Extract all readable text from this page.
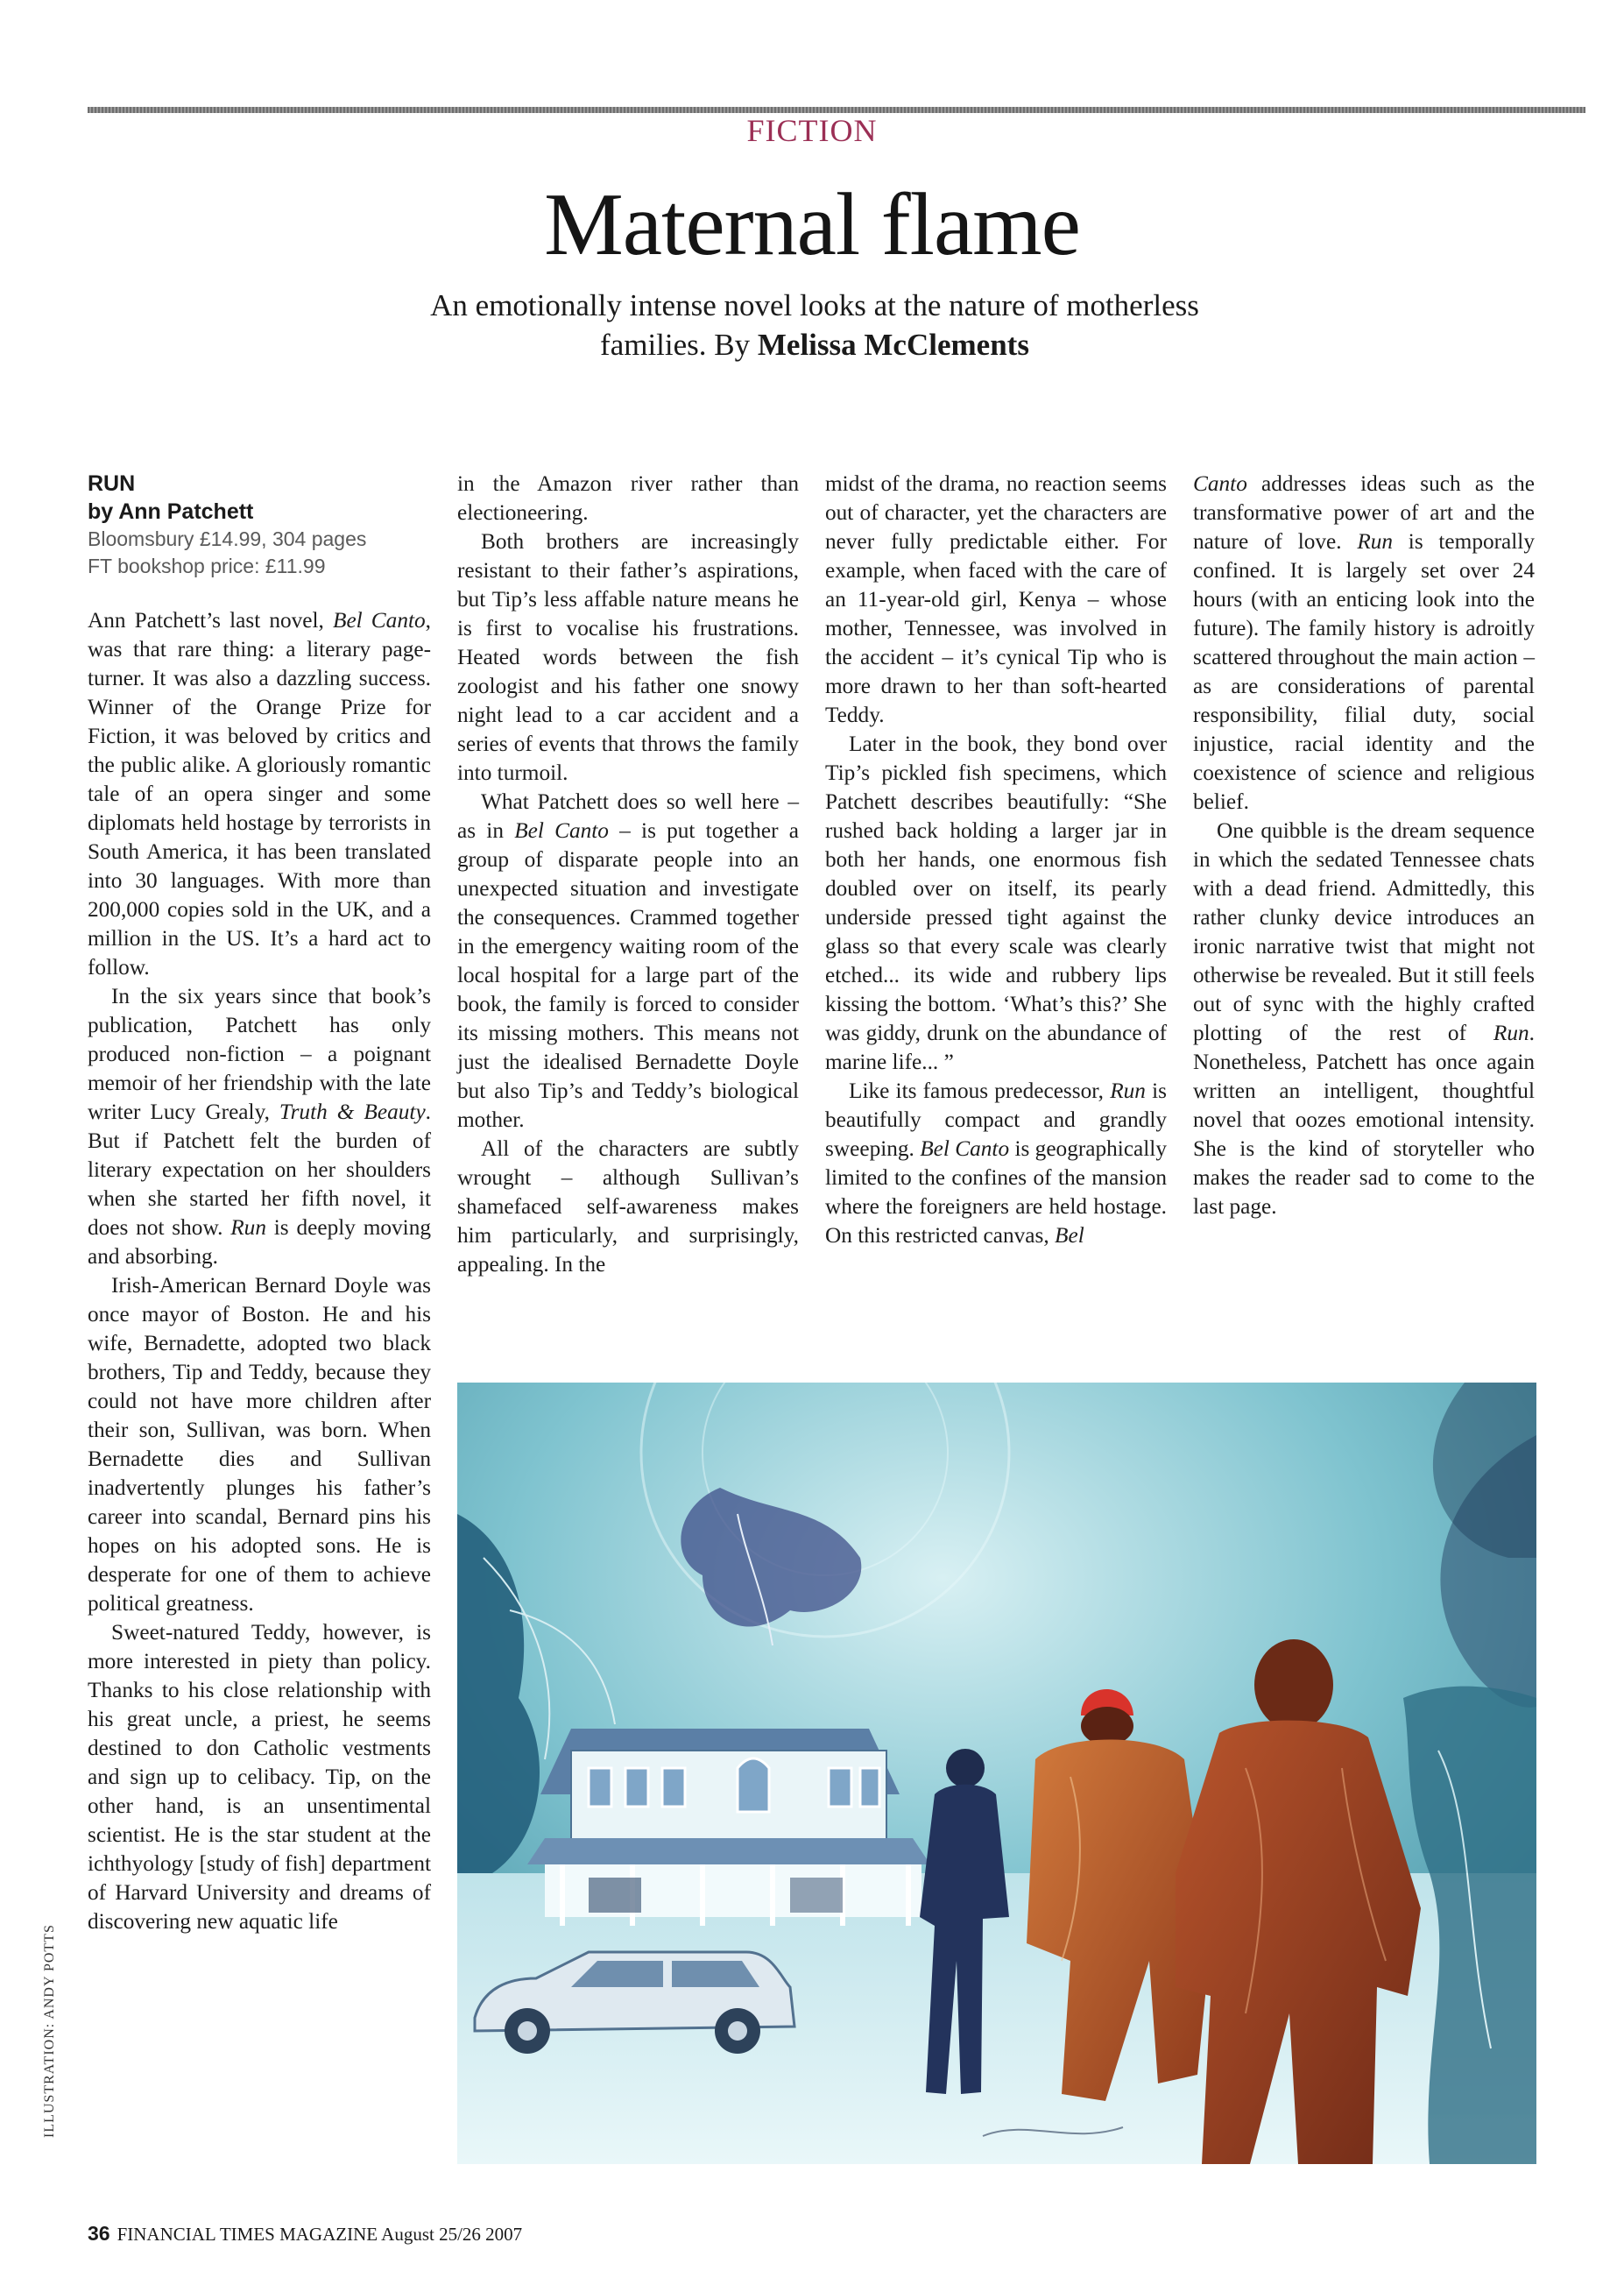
FICTION
Maternal flame
An emotionally intense novel looks at the nature of motherless families. By Melissa McClements
RUN
by Ann Patchett
Bloomsbury £14.99, 304 pages
FT bookshop price: £11.99

Ann Patchett’s last novel, Bel Canto, was that rare thing: a literary page-turner. It was also a dazzling success. Winner of the Orange Prize for Fiction, it was beloved by critics and the public alike. A gloriously romantic tale of an opera singer and some diplomats held hostage by terrorists in South America, it has been translated into 30 languages. With more than 200,000 copies sold in the UK, and a million in the US. It’s a hard act to follow.

In the six years since that book’s publication, Patchett has only produced non-fiction – a poignant memoir of her friendship with the late writer Lucy Grealy, Truth & Beauty. But if Patchett felt the burden of literary expectation on her shoulders when she started her fifth novel, it does not show. Run is deeply moving and absorbing.

Irish-American Bernard Doyle was once mayor of Boston. He and his wife, Bernadette, adopted two black brothers, Tip and Teddy, because they could not have more children after their son, Sullivan, was born. When Bernadette dies and Sullivan inadvertently plunges his father’s career into scandal, Bernard pins his hopes on his adopted sons. He is desperate for one of them to achieve political greatness.

Sweet-natured Teddy, however, is more interested in piety than policy. Thanks to his close relationship with his great uncle, a priest, he seems destined to don Catholic vestments and sign up to celibacy. Tip, on the other hand, is an unsentimental scientist. He is the star student at the ichthyology [study of fish] department of Harvard University and dreams of discovering new aquatic life

in the Amazon river rather than electioneering.

Both brothers are increasingly resistant to their father’s aspirations, but Tip’s less affable nature means he is first to vocalise his frustrations. Heated words between the fish zoologist and his father one snowy night lead to a car accident and a series of events that throws the family into turmoil.

What Patchett does so well here – as in Bel Canto – is put together a group of disparate people into an unexpected situation and investigate the consequences. Crammed together in the emergency waiting room of the local hospital for a large part of the book, the family is forced to consider its missing mothers. This means not just the idealised Bernadette Doyle but also Tip’s and Teddy’s biological mother.

All of the characters are subtly wrought – although Sullivan’s shamefaced self-awareness makes him particularly, and surprisingly, appealing. In the

midst of the drama, no reaction seems out of character, yet the characters are never fully predictable either. For example, when faced with the care of an 11-year-old girl, Kenya – whose mother, Tennessee, was involved in the accident – it’s cynical Tip who is more drawn to her than soft-hearted Teddy.

Later in the book, they bond over Tip’s pickled fish specimens, which Patchett describes beautifully: “She rushed back holding a larger jar in both her hands, one enormous fish doubled over on itself, its pearly underside pressed tight against the glass so that every scale was clearly etched... its wide and rubbery lips kissing the bottom. ‘What’s this?’ She was giddy, drunk on the abundance of marine life... ”

Like its famous predecessor, Run is beautifully compact and grandly sweeping. Bel Canto is geographically limited to the confines of the mansion where the foreigners are held hostage. On this restricted canvas, Bel

Canto addresses ideas such as the transformative power of art and the nature of love. Run is temporally confined. It is largely set over 24 hours (with an enticing look into the future). The family history is adroitly scattered throughout the main action – as are considerations of parental responsibility, filial duty, social injustice, racial identity and the coexistence of science and religious belief.

One quibble is the dream sequence in which the sedated Tennessee chats with a dead friend. Admittedly, this rather clunky device introduces an ironic narrative twist that might not otherwise be revealed. But it still feels out of sync with the highly crafted plotting of the rest of Run. Nonetheless, Patchett has once again written an intelligent, thoughtful novel that oozes emotional intensity. She is the kind of storyteller who makes the reader sad to come to the last page.

ILLUSTRATION: ANDY POTTS
36 FINANCIAL TIMES MAGAZINE August 25/26 2007
